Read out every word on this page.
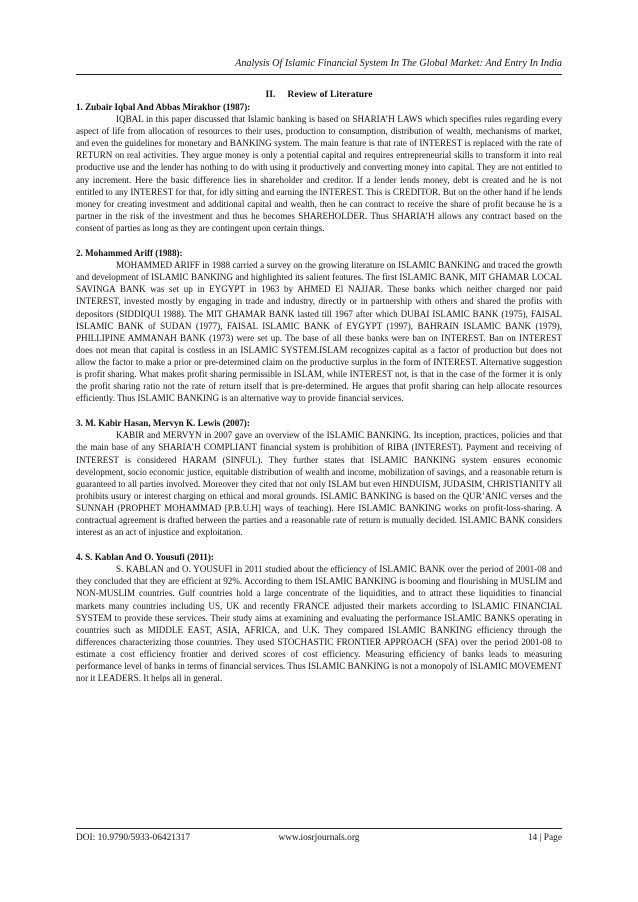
Analysis Of Islamic Financial System In The Global Market: And Entry In India
II. Review of Literature

1. Zubair Iqbal And Abbas Mirakhor (1987):

IQBAL in this paper discussed that Islamic banking is based on SHARIA’H LAWS which specifies rules regarding every aspect of life from allocation of resources to their uses, production to consumption, distribution of wealth, mechanisms of market, and even the guidelines for monetary and BANKING system. The main feature is that rate of INTEREST is replaced with the rate of RETURN on real activities. They argue money is only a potential capital and requires entrepreneurial skills to transform it into real productive use and the lender has nothing to do with using it productively and converting money into capital. They are not entitled to any increment. Here the basic difference lies in shareholder and creditor. If a lender lends money, debt is created and he is not entitled to any INTEREST for that, for idly sitting and earning the INTEREST. This is CREDITOR. But on the other hand if he lends money for creating investment and additional capital and wealth, then he can contract to receive the share of profit because he is a partner in the risk of the investment and thus he becomes SHAREHOLDER. Thus SHARIA’H allows any contract based on the consent of parties as long as they are contingent upon certain things.

2. Mohammed Ariff (1988):

MOHAMMED ARIFF in 1988 carried a survey on the growing literature on ISLAMIC BANKING and traced the growth and development of ISLAMIC BANKING and highlighted its salient features. The first ISLAMIC BANK, MIT GHAMAR LOCAL SAVINGA BANK was set up in EYGYPT in 1963 by AHMED El NAJJAR. These banks which neither charged nor paid INTEREST, invested mostly by engaging in trade and industry, directly or in partnership with others and shared the profits with depositors (SIDDIQUI 1988). The MIT GHAMAR BANK lasted till 1967 after which DUBAI ISLAMIC BANK (1975), FAISAL ISLAMIC BANK of SUDAN (1977), FAISAL ISLAMIC BANK of EYGYPT (1997), BAHRAIN ISLAMIC BANK (1979), PHILLIPINE AMMANAH BANK (1973) were set up. The base of all these banks were ban on INTEREST. Ban on INTEREST does not mean that capital is costless in an ISLAMIC SYSTEM.ISLAM recognizes capital as a factor of production but does not allow the factor to make a prior or pre-determined claim on the productive surplus in the form of INTEREST. Alternative suggestion is profit sharing. What makes profit sharing permissible in ISLAM, while INTEREST not, is that in the case of the former it is only the profit sharing ratio not the rate of return itself that is pre-determined. He argues that profit sharing can help allocate resources efficiently. Thus ISLAMIC BANKING is an alternative way to provide financial services.

3. M. Kabir Hasan, Mervyn K. Lewis (2007):

KABIR and MERVYN in 2007 gave an overview of the ISLAMIC BANKING. Its inception, practices, policies and that the main base of any SHARIA’H COMPLIANT financial system is prohibition of RIBA (INTEREST). Payment and receiving of INTEREST is considered HARAM (SINFUL). They further states that ISLAMIC BANKING system ensures economic development, socio economic justice, equitable distribution of wealth and income, mobilization of savings, and a reasonable return is guaranteed to all parties involved. Moreover they cited that not only ISLAM but even HINDUISM, JUDASIM, CHRISTIANITY all prohibits usury or interest charging on ethical and moral grounds. ISLAMIC BANKING is based on the QUR’ANIC verses and the SUNNAH (PROPHET MOHAMMAD [P.B.U.H] ways of teaching). Here ISLAMIC BANKING works on profit-loss-sharing. A contractual agreement is drafted between the parties and a reasonable rate of return is mutually decided. ISLAMIC BANK considers interest as an act of injustice and exploitation.

4. S. Kablan And O. Yousufi (2011):

S. KABLAN and O. YOUSUFI in 2011 studied about the efficiency of ISLAMIC BANK over the period of 2001-08 and they concluded that they are efficient at 92%. According to them ISLAMIC BANKING is booming and flourishing in MUSLIM and NON-MUSLIM countries. Gulf countries hold a large concentrate of the liquidities, and to attract these liquidities to financial markets many countries including US, UK and recently FRANCE adjusted their markets according to ISLAMIC FINANCIAL SYSTEM to provide these services. Their study aims at examining and evaluating the performance ISLAMIC BANKS operating in countries such as MIDDLE EAST, ASIA, AFRICA, and U.K. They compared ISLAMIC BANKING efficiency through the differences characterizing those countries. They used STOCHASTIC FRONTIER APPROACH (SFA) over the period 2001-08 to estimate a cost efficiency frontier and derived scores of cost efficiency. Measuring efficiency of banks leads to measuring performance level of banks in terms of financial services. Thus ISLAMIC BANKING is not a monopoly of ISLAMIC MOVEMENT nor it LEADERS. It helps all in general.

DOI: 10.9790/5933-06421317	www.iosrjournals.org	14 | Page
